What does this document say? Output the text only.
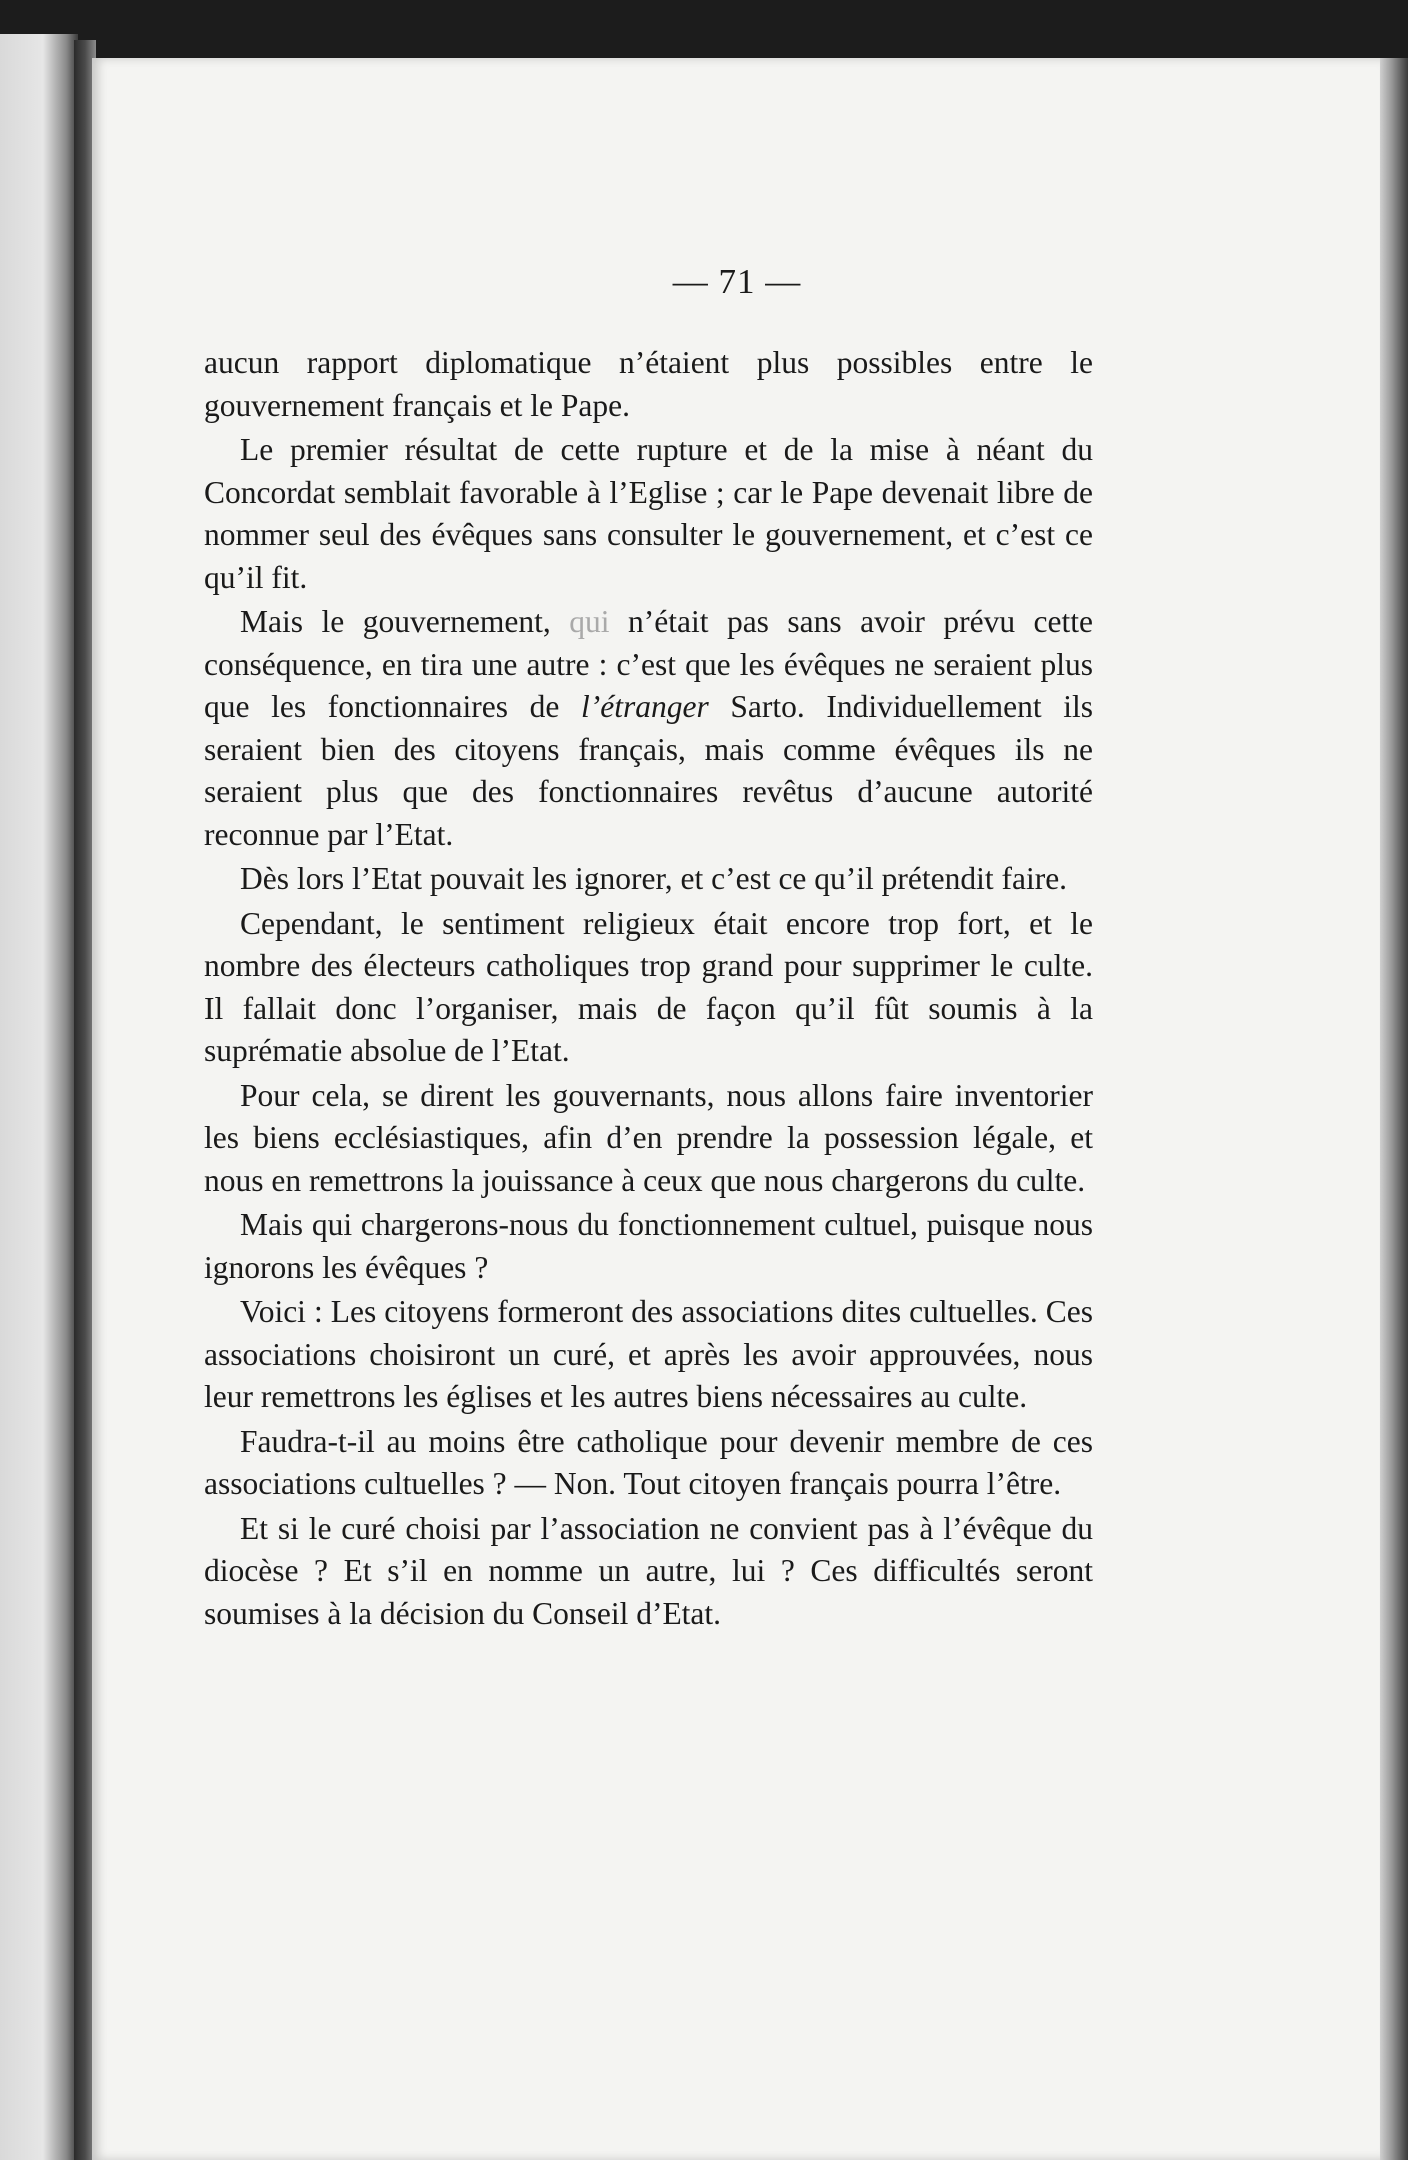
— 71 —

aucun rapport diplomatique n’étaient plus possibles entre le gouvernement français et le Pape.

Le premier résultat de cette rupture et de la mise à néant du Concordat semblait favorable à l’Eglise ; car le Pape devenait libre de nommer seul des évêques sans consulter le gouvernement, et c’est ce qu’il fit.

Mais le gouvernement, qui n’était pas sans avoir prévu cette conséquence, en tira une autre : c’est que les évêques ne seraient plus que les fonctionnaires de l’étranger Sarto. Individuellement ils seraient bien des citoyens français, mais comme évêques ils ne seraient plus que des fonctionnaires revêtus d’aucune autorité reconnue par l’Etat.

Dès lors l’Etat pouvait les ignorer, et c’est ce qu’il prétendit faire.

Cependant, le sentiment religieux était encore trop fort, et le nombre des électeurs catholiques trop grand pour supprimer le culte. Il fallait donc l’organiser, mais de façon qu’il fût soumis à la suprématie absolue de l’Etat.

Pour cela, se dirent les gouvernants, nous allons faire inventorier les biens ecclésiastiques, afin d’en prendre la possession légale, et nous en remettrons la jouissance à ceux que nous chargerons du culte.

Mais qui chargerons-nous du fonctionnement cultuel, puisque nous ignorons les évêques ?

Voici : Les citoyens formeront des associations dites cultuelles. Ces associations choisiront un curé, et après les avoir approuvées, nous leur remettrons les églises et les autres biens nécessaires au culte.

Faudra-t-il au moins être catholique pour devenir membre de ces associations cultuelles ? — Non. Tout citoyen français pourra l’être.

Et si le curé choisi par l’association ne convient pas à l’évêque du diocèse ? Et s’il en nomme un autre, lui ? Ces difficultés seront soumises à la décision du Conseil d’Etat.
